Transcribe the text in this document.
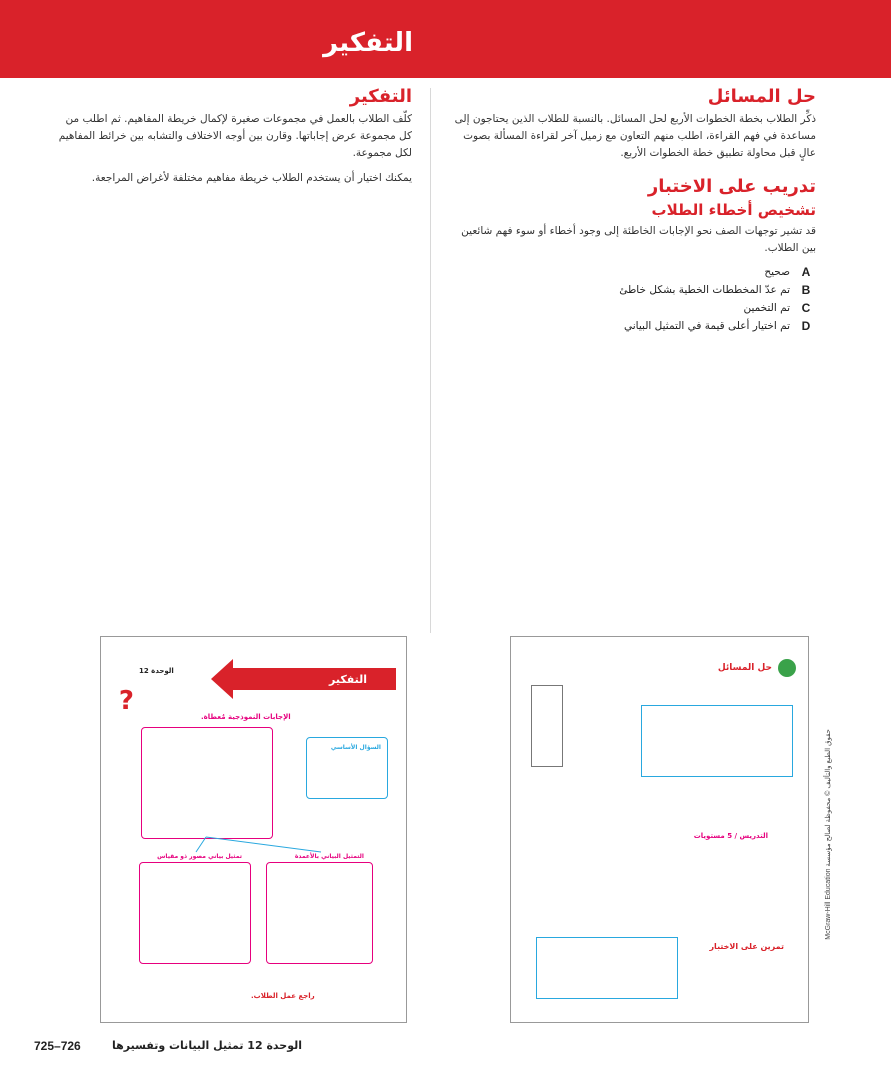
التفكير
حل المسائل

ذكِّر الطلاب بخطة الخطوات الأربع لحل المسائل. بالنسبة للطلاب الذين يحتاجون إلى مساعدة في فهم القراءة، اطلب منهم التعاون مع زميل آخر لقراءة المسألة بصوت عالٍ قبل محاولة تطبيق خطة الخطوات الأربع.

تدريب على الاختبار
تشخيص أخطاء الطلاب

قد تشير توجهات الصف نحو الإجابات الخاطئة إلى وجود أخطاء أو سوء فهم شائعين بين الطلاب.

A
صحيح
B
تم عدّ المخططات الخطية بشكل خاطئ
C
تم التخمين
D
تم اختيار أعلى قيمة في التمثيل البياني
التفكير

كلّف الطلاب بالعمل في مجموعات صغيرة لإكمال خريطة المفاهيم. ثم اطلب من كل مجموعة عرض إجاباتها. وقارن بين أوجه الاختلاف والتشابه بين خرائط المفاهيم لكل مجموعة.

يمكنك اختيار أن يستخدم الطلاب خريطة مفاهيم مختلفة لأغراض المراجعة.

التفكير
الوحدة 12
الإجابات النموذجية مُعطاة.
?
السؤال الأساسي
تمثيل بياني مصور ذو مقياس	التمثيل البياني بالأعمدة
راجع عمل الطلاب.
حل المسائل
التدريس / 5 مستويات
تمرين على الاختبار
حقوق الطبع والتأليف © محفوظة لصالح مؤسسة McGraw-Hill Education
725–726	الوحدة 12 تمثيل البيانات وتفسيرها
